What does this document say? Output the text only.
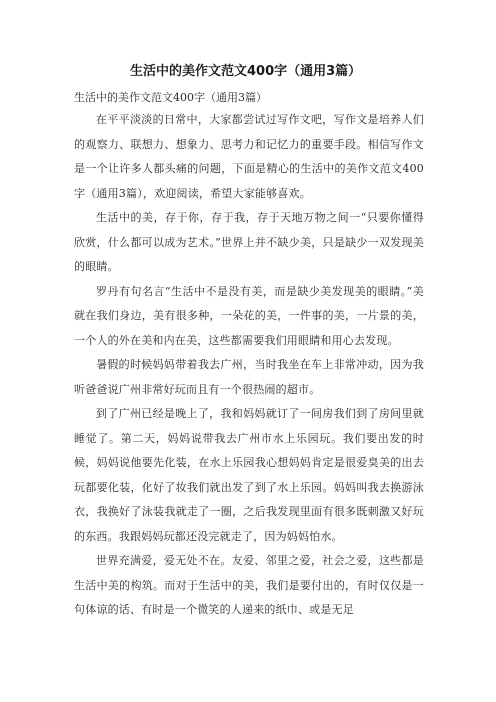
生活中的美作文范文400字（通用3篇）

生活中的美作文范文400字（通用3篇）

在平平淡淡的日常中，大家都尝试过写作文吧，写作文是培养人们的观察力、联想力、想象力、思考力和记忆力的重要手段。相信写作文是一个让许多人都头痛的问题，下面是精心的生活中的美作文范文400字（通用3篇），欢迎阅读，希望大家能够喜欢。

生活中的美，存于你，存于我，存于天地万物之间一“只要你懂得欣赏，什么都可以成为艺术。”世界上并不缺少美，只是缺少一双发现美的眼睛。

罗丹有句名言“生活中不是没有美，而是缺少美发现美的眼睛。”美就在我们身边，美有很多种，一朵花的美，一件事的美，一片景的美，一个人的外在美和内在美，这些都需要我们用眼睛和用心去发现。

暑假的时候妈妈带着我去广州，当时我坐在车上非常冲动，因为我听爸爸说广州非常好玩而且有一个很热闹的超市。

到了广州已经是晚上了，我和妈妈就订了一间房我们到了房间里就睡觉了。第二天，妈妈说带我去广州市水上乐园玩。我们要出发的时候，妈妈说他要先化装，在水上乐园我心想妈妈肯定是很爱臭美的出去玩都要化装，化好了妆我们就出发了到了水上乐园。妈妈叫我去换游泳衣，我换好了泳装我就走了一圈，之后我发现里面有很多既刺激又好玩的东西。我跟妈妈玩都还没完就走了，因为妈妈怕水。

世界充满爱，爱无处不在。友爱、邻里之爱，社会之爱，这些都是生活中美的构筑。而对于生活中的美，我们是要付出的，有时仅仅是一句体谅的话、有时是一个微笑的人递来的纸巾、或是无足
